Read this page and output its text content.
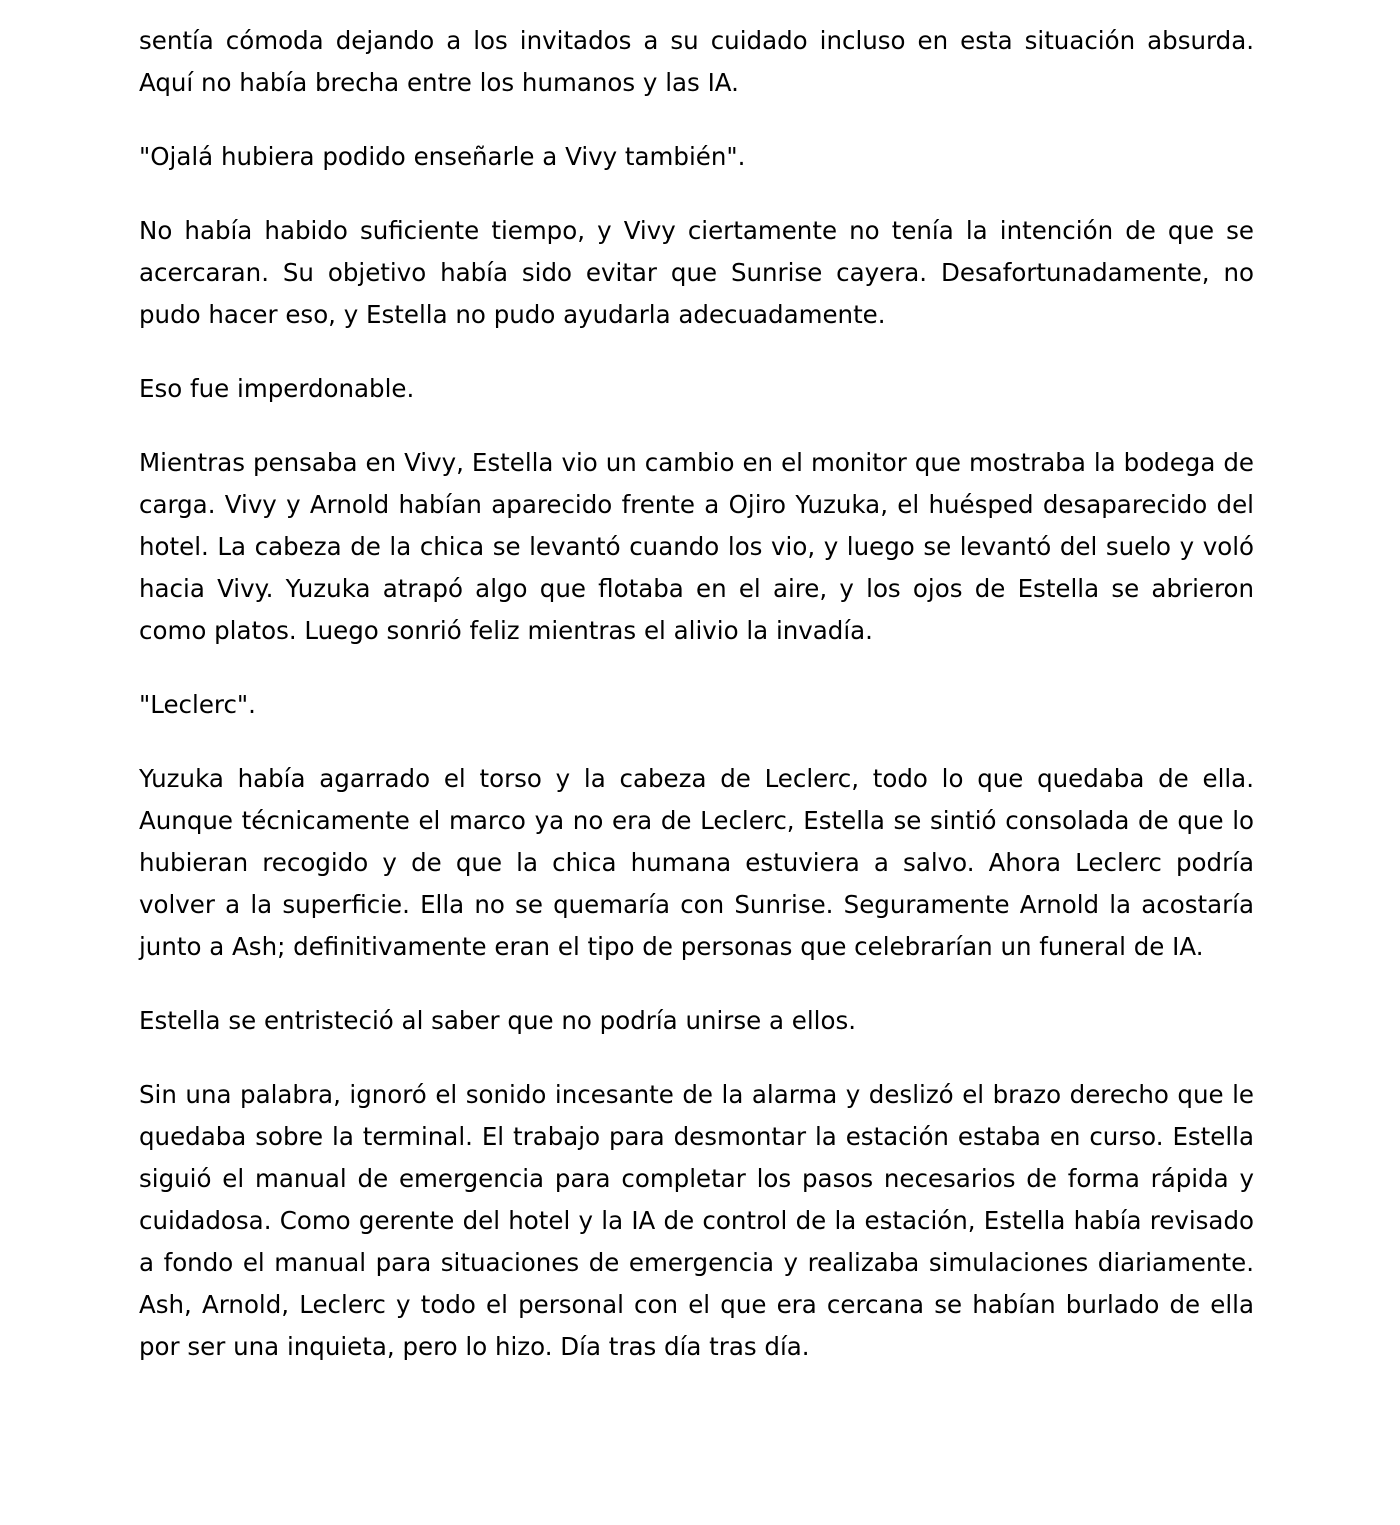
sentía cómoda dejando a los invitados a su cuidado incluso en esta situación absurda. Aquí no había brecha entre los humanos y las IA.

"Ojalá hubiera podido enseñarle a Vivy también".

No había habido suficiente tiempo, y Vivy ciertamente no tenía la intención de que se acercaran. Su objetivo había sido evitar que Sunrise cayera. Desafortunadamente, no pudo hacer eso, y Estella no pudo ayudarla adecuadamente.

Eso fue imperdonable.

Mientras pensaba en Vivy, Estella vio un cambio en el monitor que mostraba la bodega de carga. Vivy y Arnold habían aparecido frente a Ojiro Yuzuka, el huésped desaparecido del hotel. La cabeza de la chica se levantó cuando los vio, y luego se levantó del suelo y voló hacia Vivy. Yuzuka atrapó algo que flotaba en el aire, y los ojos de Estella se abrieron como platos. Luego sonrió feliz mientras el alivio la invadía.

"Leclerc".

Yuzuka había agarrado el torso y la cabeza de Leclerc, todo lo que quedaba de ella. Aunque técnicamente el marco ya no era de Leclerc, Estella se sintió consolada de que lo hubieran recogido y de que la chica humana estuviera a salvo. Ahora Leclerc podría volver a la superficie. Ella no se quemaría con Sunrise. Seguramente Arnold la acostaría junto a Ash; definitivamente eran el tipo de personas que celebrarían un funeral de IA.

Estella se entristeció al saber que no podría unirse a ellos.

Sin una palabra, ignoró el sonido incesante de la alarma y deslizó el brazo derecho que le quedaba sobre la terminal. El trabajo para desmontar la estación estaba en curso. Estella siguió el manual de emergencia para completar los pasos necesarios de forma rápida y cuidadosa. Como gerente del hotel y la IA de control de la estación, Estella había revisado a fondo el manual para situaciones de emergencia y realizaba simulaciones diariamente. Ash, Arnold, Leclerc y todo el personal con el que era cercana se habían burlado de ella por ser una inquieta, pero lo hizo. Día tras día tras día.
